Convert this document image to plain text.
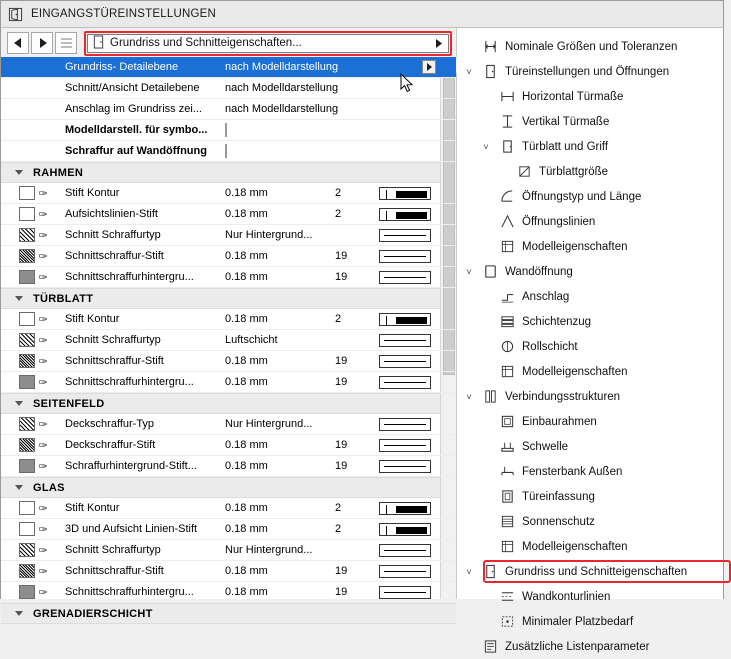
EINGANGSTÜREINSTELLUNGEN
Grundriss und Schnitteigenschaften...
Grundriss- Detailebene	nach Modelldarstellung
Schnitt/Ansicht Detailebene	nach Modelldarstellung
Anschlag im Grundriss zei...	nach Modelldarstellung
Modelldarstell. für symbo...
Schraffur auf Wandöffnung
RAHMEN
✑ Stift Kontur	0.18 mm	2
✑ Aufsichtslinien-Stift	0.18 mm	2
✑ Schnitt Schraffurtyp	Nur Hintergrund...
✑ Schnittschraffur-Stift	0.18 mm	19
✑ Schnittschraffurhintergru...	0.18 mm	19
TÜRBLATT
✑ Stift Kontur	0.18 mm	2
✑ Schnitt Schraffurtyp	Luftschicht
✑ Schnittschraffur-Stift	0.18 mm	19
✑ Schnittschraffurhintergru...	0.18 mm	19
SEITENFELD
✑ Deckschraffur-Typ	Nur Hintergrund...
✑ Deckschraffur-Stift	0.18 mm	19
✑ Schraffurhintergrund-Stift...	0.18 mm	19
GLAS
✑ Stift Kontur	0.18 mm	2
✑ 3D und Aufsicht Linien-Stift	0.18 mm	2
✑ Schnitt Schraffurtyp	Nur Hintergrund...
✑ Schnittschraffur-Stift	0.18 mm	19
✑ Schnittschraffurhintergru...	0.18 mm	19
GRENADIERSCHICHT
Nominale Größen und Toleranzen
˅	Türeinstellungen und Öffnungen
Horizontal Türmaße
Vertikal Türmaße
˅	Türblatt und Griff
Türblattgröße
Öffnungstyp und Länge
Öffnungslinien
Modelleigenschaften
˅	Wandöffnung
Anschlag
Schichtenzug
Rollschicht
Modelleigenschaften
˅	Verbindungsstrukturen
Einbaurahmen
Schwelle
Fensterbank Außen
Türeinfassung
Sonnenschutz
Modelleigenschaften
˅	Grundriss und Schnitteigenschaften
Wandkonturlinien
Minimaler Platzbedarf
Zusätzliche Listenparameter
